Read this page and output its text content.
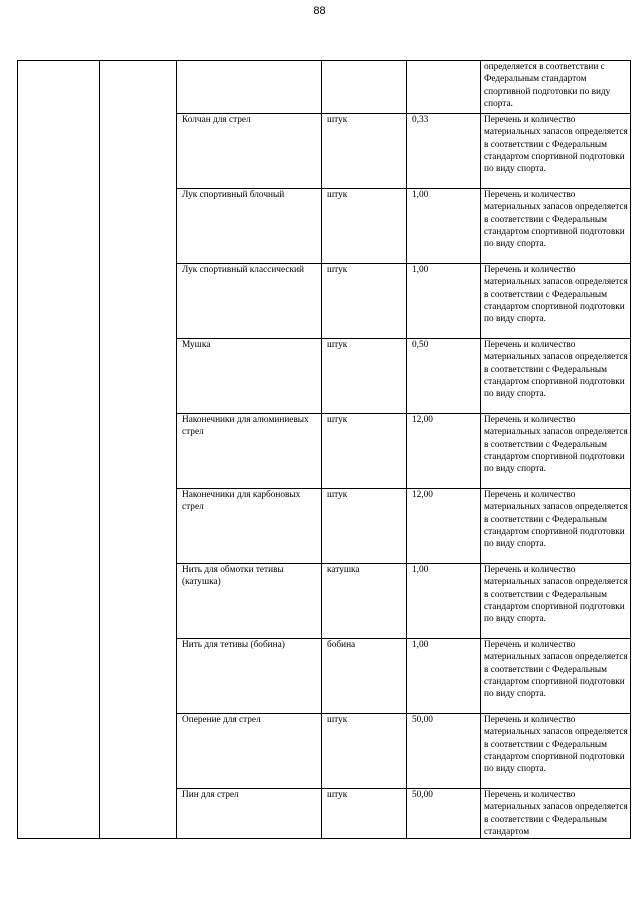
88
					определяется в соответствии с Федеральным стандартом спортивной подготовки по виду спорта.
		Колчан для стрел	штук	0,33	Перечень и количество материальных запасов определяется в соответствии с Федеральным стандартом спортивной подготовки по виду спорта.
		Лук спортивный блочный	штук	1,00	Перечень и количество материальных запасов определяется в соответствии с Федеральным стандартом спортивной подготовки по виду спорта.
		Лук спортивный классический	штук	1,00	Перечень и количество материальных запасов определяется в соответствии с Федеральным стандартом спортивной подготовки по виду спорта.
		Мушка	штук	0,50	Перечень и количество материальных запасов определяется в соответствии с Федеральным стандартом спортивной подготовки по виду спорта.
		Наконечники для алюминиевых стрел	штук	12,00	Перечень и количество материальных запасов определяется в соответствии с Федеральным стандартом спортивной подготовки по виду спорта.
		Наконечники для карбоновых стрел	штук	12,00	Перечень и количество материальных запасов определяется в соответствии с Федеральным стандартом спортивной подготовки по виду спорта.
		Нить для обмотки тетивы (катушка)	катушка	1,00	Перечень и количество материальных запасов определяется в соответствии с Федеральным стандартом спортивной подготовки по виду спорта.
		Нить для тетивы (бобина)	бобина	1,00	Перечень и количество материальных запасов определяется в соответствии с Федеральным стандартом спортивной подготовки по виду спорта.
		Оперение для стрел	штук	50,00	Перечень и количество материальных запасов определяется в соответствии с Федеральным стандартом спортивной подготовки по виду спорта.
		Пин для стрел	штук	50,00	Перечень и количество материальных запасов определяется в соответствии с Федеральным стандартом
